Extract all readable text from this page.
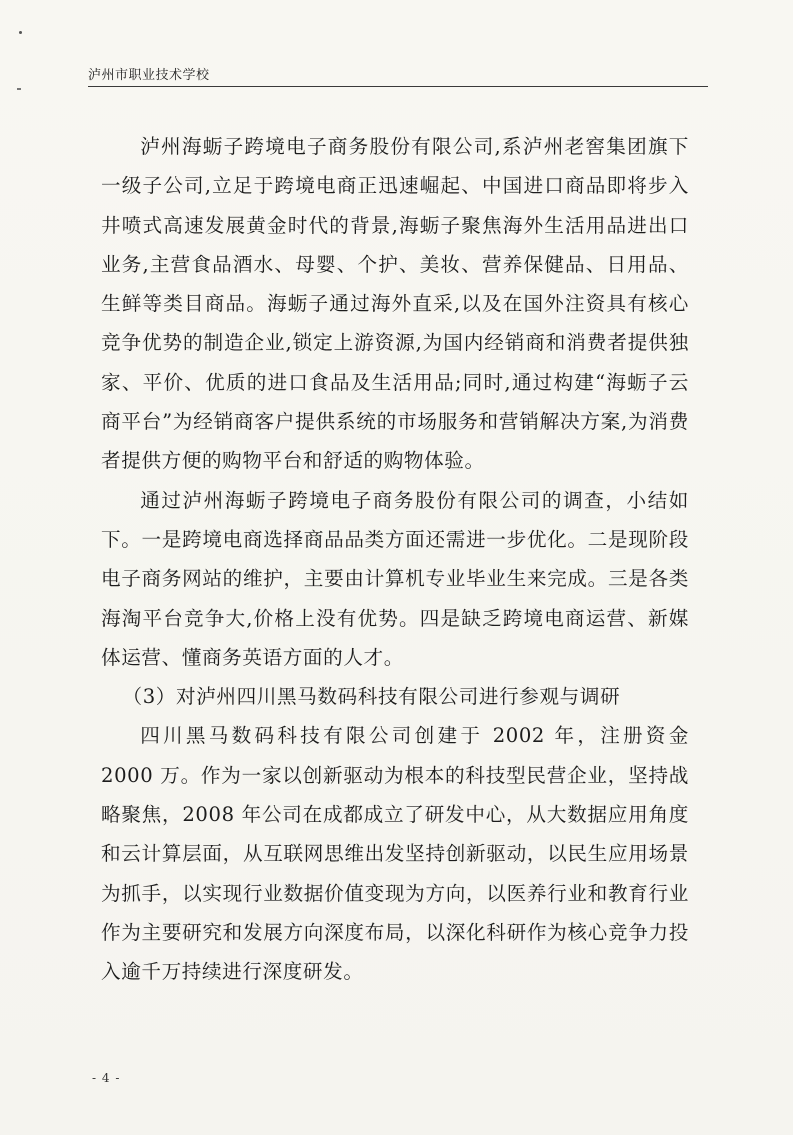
泸州市职业技术学校

泸州海蛎子跨境电子商务股份有限公司,系泸州老窖集团旗下一级子公司,立足于跨境电商正迅速崛起、中国进口商品即将步入井喷式高速发展黄金时代的背景,海蛎子聚焦海外生活用品进出口业务,主营食品酒水、母婴、个护、美妆、营养保健品、日用品、生鲜等类目商品。海蛎子通过海外直采,以及在国外注资具有核心竞争优势的制造企业,锁定上游资源,为国内经销商和消费者提供独家、平价、优质的进口食品及生活用品;同时,通过构建“海蛎子云商平台”为经销商客户提供系统的市场服务和营销解决方案,为消费者提供方便的购物平台和舒适的购物体验。

通过泸州海蛎子跨境电子商务股份有限公司的调查，小结如下。一是跨境电商选择商品品类方面还需进一步优化。二是现阶段电子商务网站的维护，主要由计算机专业毕业生来完成。三是各类海淘平台竞争大,价格上没有优势。四是缺乏跨境电商运营、新媒体运营、懂商务英语方面的人才。

（3）对泸州四川黑马数码科技有限公司进行参观与调研

四川黑马数码科技有限公司创建于 2002 年，注册资金 2000 万。作为一家以创新驱动为根本的科技型民营企业，坚持战略聚焦，2008 年公司在成都成立了研发中心，从大数据应用角度和云计算层面，从互联网思维出发坚持创新驱动，以民生应用场景为抓手，以实现行业数据价值变现为方向，以医养行业和教育行业作为主要研究和发展方向深度布局，以深化科研作为核心竞争力投入逾千万持续进行深度研发。

- 4 -
